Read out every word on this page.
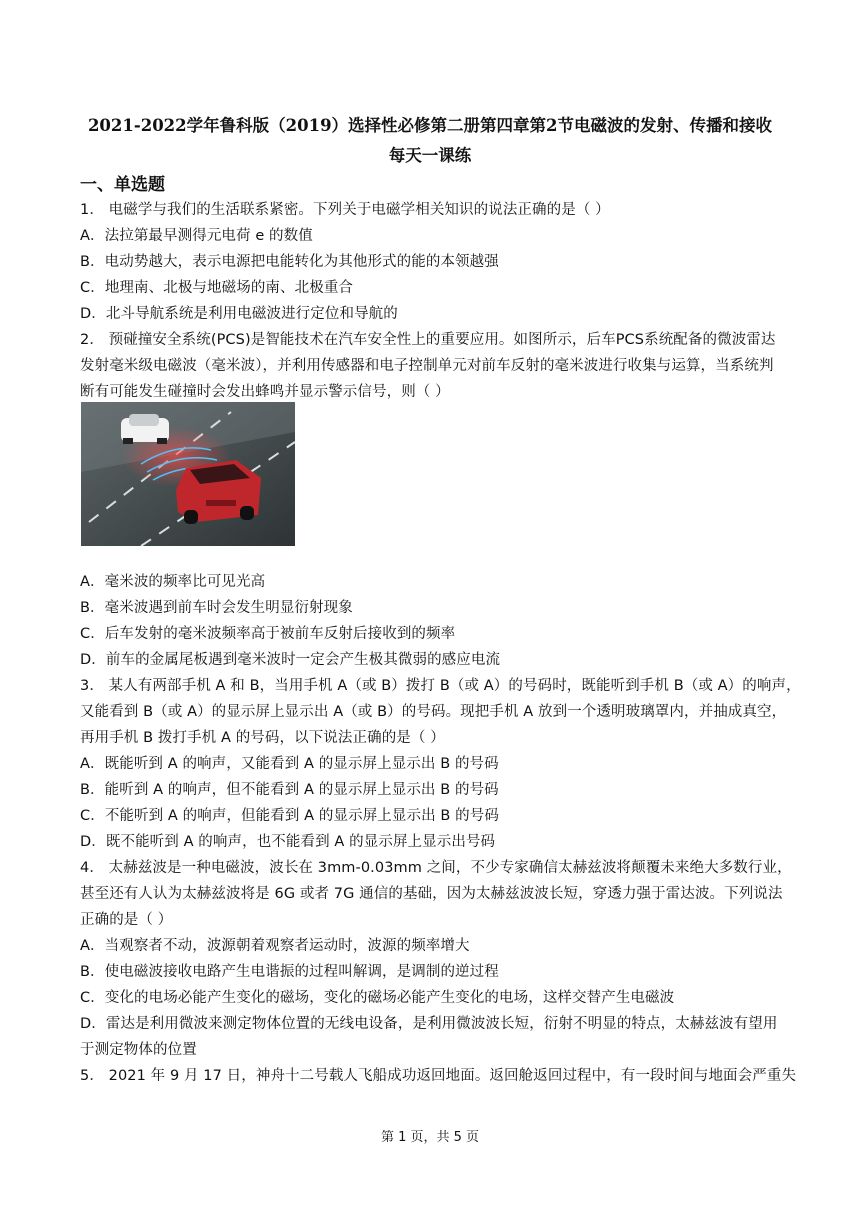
2021-2022学年鲁科版（2019）选择性必修第二册第四章第2节电磁波的发射、传播和接收
每天一课练
一、单选题
1． 电磁学与我们的生活联系紧密。下列关于电磁学相关知识的说法正确的是（ ）
A．法拉第最早测得元电荷 e 的数值
B．电动势越大，表示电源把电能转化为其他形式的能的本领越强
C．地理南、北极与地磁场的南、北极重合
D．北斗导航系统是利用电磁波进行定位和导航的
2． 预碰撞安全系统(PCS)是智能技术在汽车安全性上的重要应用。如图所示，后车PCS系统配备的微波雷达
发射毫米级电磁波（毫米波），并利用传感器和电子控制单元对前车反射的毫米波进行收集与运算，当系统判
断有可能发生碰撞时会发出蜂鸣并显示警示信号，则（ ）
A．毫米波的频率比可见光高
B．毫米波遇到前车时会发生明显衍射现象
C．后车发射的毫米波频率高于被前车反射后接收到的频率
D．前车的金属尾板遇到毫米波时一定会产生极其微弱的感应电流
3． 某人有两部手机 A 和 B，当用手机 A（或 B）拨打 B（或 A）的号码时，既能听到手机 B（或 A）的响声，
又能看到 B（或 A）的显示屏上显示出 A（或 B）的号码。现把手机 A 放到一个透明玻璃罩内，并抽成真空，
再用手机 B 拨打手机 A 的号码，以下说法正确的是（ ）
A．既能听到 A 的响声，又能看到 A 的显示屏上显示出 B 的号码
B．能听到 A 的响声，但不能看到 A 的显示屏上显示出 B 的号码
C．不能听到 A 的响声，但能看到 A 的显示屏上显示出 B 的号码
D．既不能听到 A 的响声，也不能看到 A 的显示屏上显示出号码
4． 太赫兹波是一种电磁波，波长在 3mm-0.03mm 之间，不少专家确信太赫兹波将颠覆未来绝大多数行业，
甚至还有人认为太赫兹波将是 6G 或者 7G 通信的基础，因为太赫兹波波长短，穿透力强于雷达波。下列说法
正确的是（ ）
A．当观察者不动，波源朝着观察者运动时，波源的频率增大
B．使电磁波接收电路产生电谐振的过程叫解调，是调制的逆过程
C．变化的电场必能产生变化的磁场，变化的磁场必能产生变化的电场，这样交替产生电磁波
D．雷达是利用微波来测定物体位置的无线电设备，是利用微波波长短，衍射不明显的特点，太赫兹波有望用
于测定物体的位置
5． 2021 年 9 月 17 日，神舟十二号载人飞船成功返回地面。返回舱返回过程中，有一段时间与地面会严重失
第 1 页，共 5 页
